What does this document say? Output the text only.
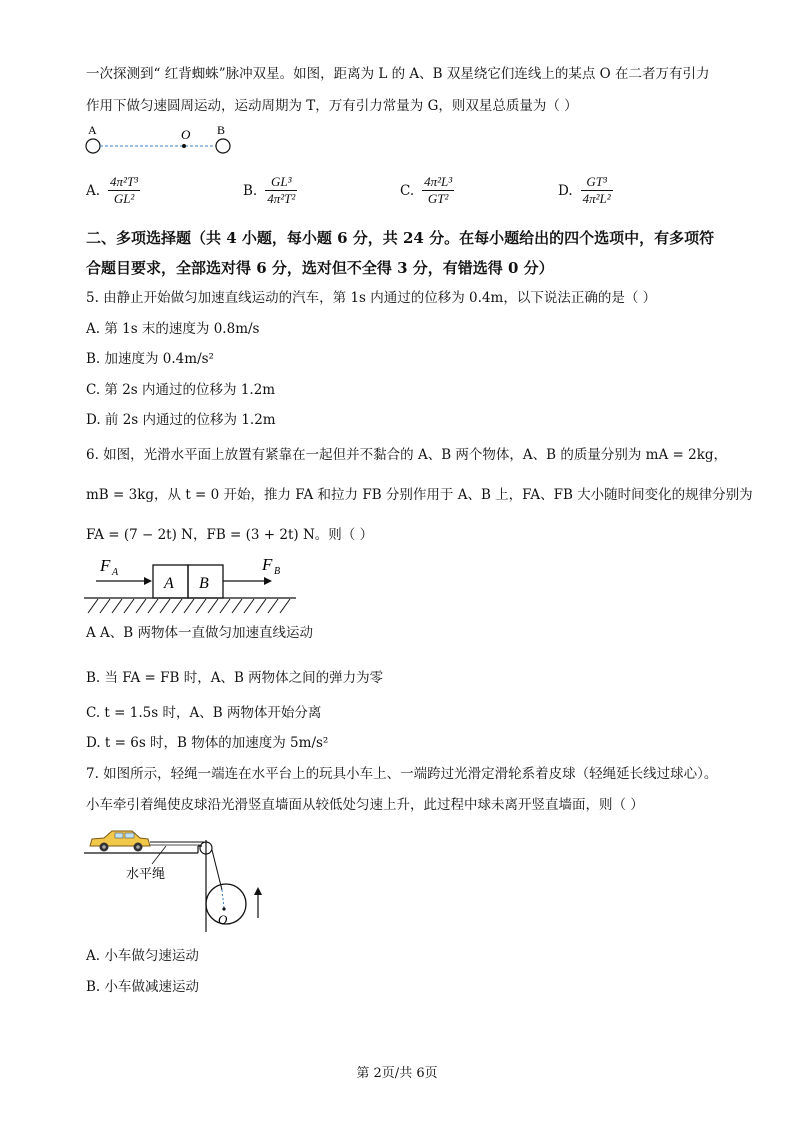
一次探测到“ 红背蜘蛛”脉冲双星。如图，距离为 L 的 A、B 双星绕它们连线上的某点 O 在二者万有引力
作用下做匀速圆周运动，运动周期为 T，万有引力常量为 G，则双星总质量为（ ）
A	O B
A. $\frac{\text{4π²T³}}{\text{GL²}}$	B. $\frac{\text{GL³}}{\text{4π²T²}}$	C. $\frac{\text{4π²L³}}{\text{GT²}}$	D. $\frac{\text{GT³}}{\text{4π²L²}}$
二、多项选择题（共 4 小题，每小题 6 分，共 24 分。在每小题给出的四个选项中，有多项符
合题目要求，全部选对得 6 分，选对但不全得 3 分，有错选得 0 分）
5. 由静止开始做匀加速直线运动的汽车，第 1s 内通过的位移为 0.4m，以下说法正确的是（ ）
A. 第 1s 末的速度为 0.8m/s
B. 加速度为 0.4m/s²
C. 第 2s 内通过的位移为 1.2m
D. 前 2s 内通过的位移为 1.2m
6. 如图，光滑水平面上放置有紧靠在一起但并不黏合的 A、B 两个物体，A、B 的质量分别为 mA = 2kg，
mB = 3kg，从 t = 0 开始，推力 FA 和拉力 FB 分别作用于 A、B 上，FA、FB 大小随时间变化的规律分别为
FA = (7 − 2t) N，FB = (3 + 2t) N。则（ ）
F A
A B
F B
A A、B 两物体一直做匀加速直线运动
B. 当 FA = FB 时，A、B 两物体之间的弹力为零
C. t = 1.5s 时，A、B 两物体开始分离
D. t = 6s 时，B 物体的加速度为 5m/s²
7. 如图所示，轻绳一端连在水平台上的玩具小车上、一端跨过光滑定滑轮系着皮球（轻绳延长线过球心）。
小车牵引着绳使皮球沿光滑竖直墙面从较低处匀速上升，此过程中球未离开竖直墙面，则（ ）
O
水平绳
A. 小车做匀速运动
B. 小车做减速运动
第 2页/共 6页
